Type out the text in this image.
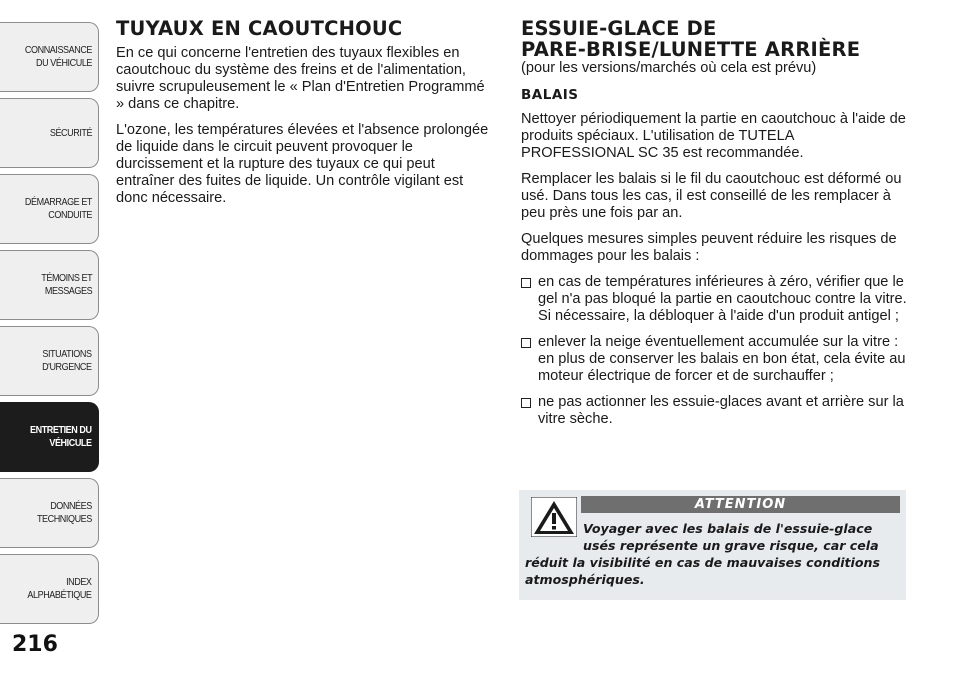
CONNAISSANCE
DU VÉHICULE
SÉCURITÉ
DÉMARRAGE ET
CONDUITE
TÉMOINS ET
MESSAGES
SITUATIONS
D'URGENCE
ENTRETIEN DU
VÉHICULE
DONNÉES
TECHNIQUES
INDEX
ALPHABÉTIQUE
216
TUYAUX EN CAOUTCHOUC

En ce qui concerne l'entretien des tuyaux flexibles en caoutchouc du système des freins et de l'alimentation, suivre scrupuleusement le « Plan d'Entretien Programmé » dans ce chapitre.

L'ozone, les températures élevées et l'absence prolongée de liquide dans le circuit peuvent provoquer le durcissement et la rupture des tuyaux ce qui peut entraîner des fuites de liquide. Un contrôle vigilant est donc nécessaire.

ESSUIE-GLACE DE
PARE-BRISE/LUNETTE ARRIÈRE

(pour les versions/marchés où cela est prévu)

BALAIS

Nettoyer périodiquement la partie en caoutchouc à l'aide de produits spéciaux. L'utilisation de TUTELA PROFESSIONAL SC 35 est recommandée.

Remplacer les balais si le fil du caoutchouc est déformé ou usé. Dans tous les cas, il est conseillé de les remplacer à peu près une fois par an.

Quelques mesures simples peuvent réduire les risques de dommages pour les balais :

en cas de températures inférieures à zéro, vérifier que le gel n'a pas bloqué la partie en caoutchouc contre la vitre. Si nécessaire, la débloquer à l'aide d'un produit antigel ;
enlever la neige éventuellement accumulée sur la vitre : en plus de conserver les balais en bon état, cela évite au moteur électrique de forcer et de surchauffer ;
ne pas actionner les essuie-glaces avant et arrière sur la vitre sèche.
ATTENTION
Voyager avec les balais de l'essuie-glace
usés représente un grave risque, car cela
réduit la visibilité en cas de mauvaises conditions atmosphériques.
